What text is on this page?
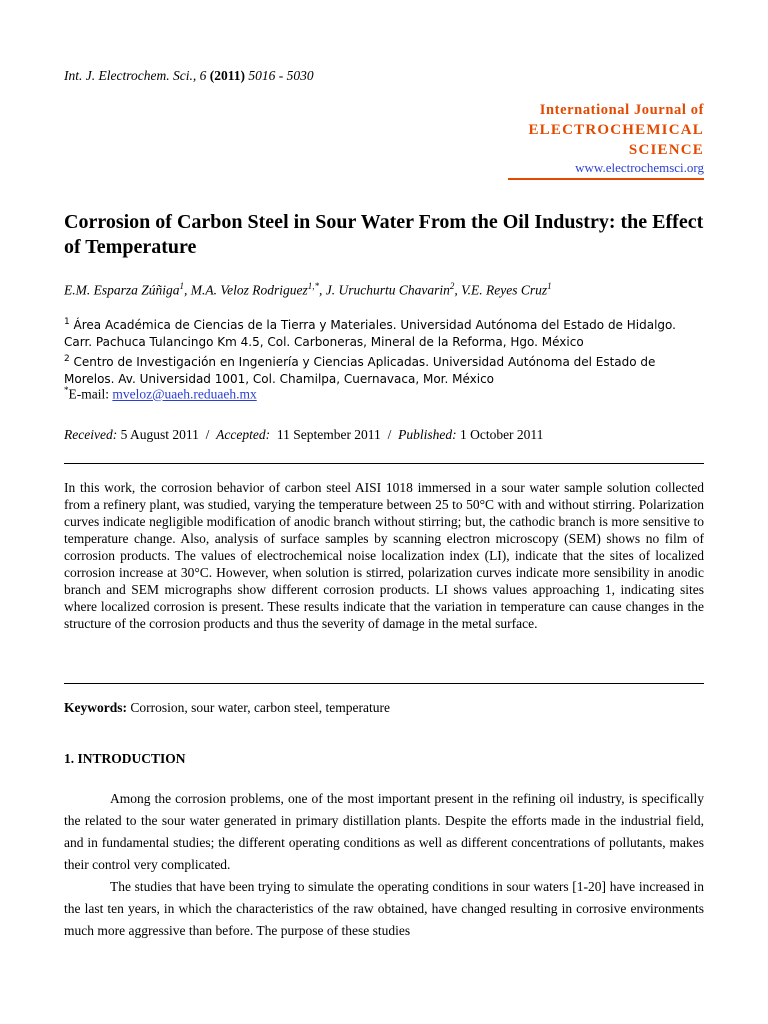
Int. J. Electrochem. Sci., 6 (2011) 5016 - 5030
International Journal of
ELECTROCHEMICAL
SCIENCE
www.electrochemsci.org
Corrosion of Carbon Steel in Sour Water From the Oil Industry: the Effect of Temperature
E.M. Esparza Zúñiga$^1$, M.A. Veloz Rodriguez$^{1,*}$, J. Uruchurtu Chavarin$^2$, V.E. Reyes Cruz$^1$
$^1$ Área Académica de Ciencias de la Tierra y Materiales. Universidad Autónoma del Estado de Hidalgo. Carr. Pachuca Tulancingo Km 4.5, Col. Carboneras, Mineral de la Reforma, Hgo. México
$^2$ Centro de Investigación en Ingeniería y Ciencias Aplicadas. Universidad Autónoma del Estado de Morelos. Av. Universidad 1001, Col. Chamilpa, Cuernavaca, Mor. México
*E-mail: mveloz@uaeh.reduaeh.mx
Received: 5 August 2011  /  Accepted:  11 September 2011  /  Published: 1 October 2011
In this work, the corrosion behavior of carbon steel AISI 1018 immersed in a sour water sample solution collected from a refinery plant, was studied, varying the temperature between 25 to 50°C with and without stirring. Polarization curves indicate negligible modification of anodic branch without stirring; but, the cathodic branch is more sensitive to temperature change. Also, analysis of surface samples by scanning electron microscopy (SEM) shows no film of corrosion products. The values of electrochemical noise localization index (LI), indicate that the sites of localized corrosion increase at 30°C. However, when solution is stirred, polarization curves indicate more sensibility in anodic branch and SEM micrographs show different corrosion products. LI shows values approaching 1, indicating sites where localized corrosion is present. These results indicate that the variation in temperature can cause changes in the structure of the corrosion products and thus the severity of damage in the metal surface.
Keywords: Corrosion, sour water, carbon steel, temperature
1. INTRODUCTION

Among the corrosion problems, one of the most important present in the refining oil industry, is specifically the related to the sour water generated in primary distillation plants. Despite the efforts made in the industrial field, and in fundamental studies; the different operating conditions as well as different concentrations of pollutants, makes their control very complicated.

The studies that have been trying to simulate the operating conditions in sour waters [1-20] have increased in the last ten years, in which the characteristics of the raw obtained, have changed resulting in corrosive environments much more aggressive than before. The purpose of these studies
